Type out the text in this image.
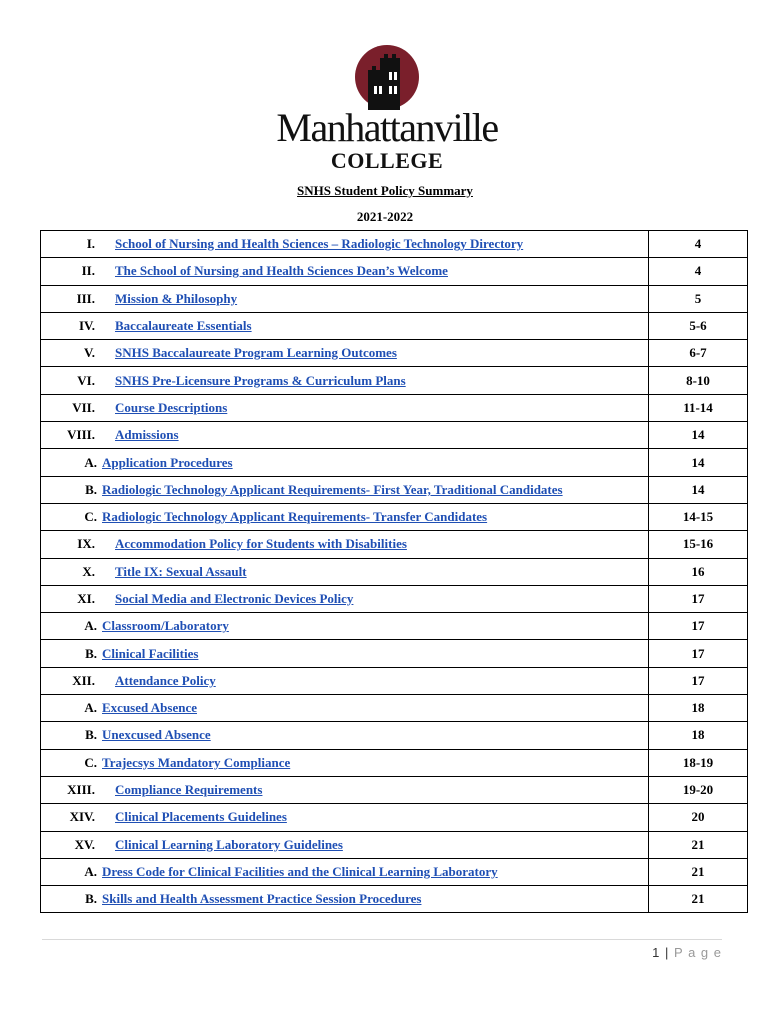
Manhattanville
COLLEGE
SNHS Student Policy Summary
2021-2022
I. School of Nursing and Health Sciences – Radiologic Technology Directory	4

II. The School of Nursing and Health Sciences Dean’s Welcome	4

III. Mission & Philosophy	5

IV. Baccalaureate Essentials	5-6

V. SNHS Baccalaureate Program Learning Outcomes	6-7

VI. SNHS Pre-Licensure Programs & Curriculum Plans	8-10

VII. Course Descriptions	11-14

VIII. Admissions	14

A. Application Procedures	14

B. Radiologic Technology Applicant Requirements- First Year, Traditional Candidates	14

C. Radiologic Technology Applicant Requirements- Transfer Candidates	14-15

IX. Accommodation Policy for Students with Disabilities	15-16

X. Title IX: Sexual Assault	16

XI. Social Media and Electronic Devices Policy	17

A. Classroom/Laboratory	17

B. Clinical Facilities	17

XII. Attendance Policy	17

A. Excused Absence	18

B. Unexcused Absence	18

C. Trajecsys Mandatory Compliance	18-19

XIII. Compliance Requirements	19-20

XIV. Clinical Placements Guidelines	20

XV. Clinical Learning Laboratory Guidelines	21

A. Dress Code for Clinical Facilities and the Clinical Learning Laboratory	21

B. Skills and Health Assessment Practice Session Procedures	21
1 | P a g e
